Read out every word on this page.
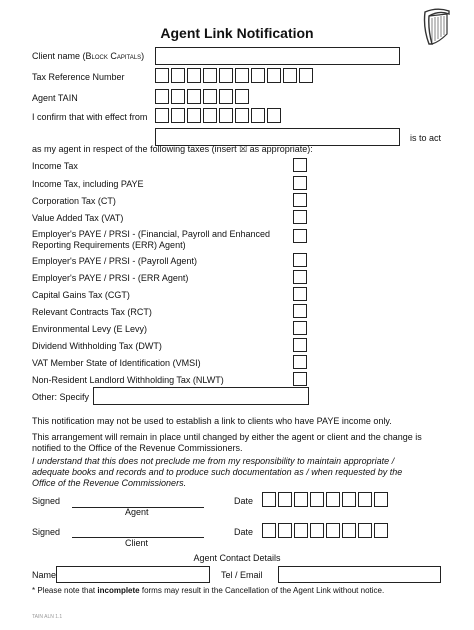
Agent Link Notification
Client name (Block Capitals)
Tax Reference Number
Agent TAIN
I confirm that with effect from
is to act
as my agent in respect of the following taxes (insert ☒ as appropriate):
Income Tax
Income Tax, including PAYE
Corporation Tax (CT)
Value Added Tax (VAT)
Employer's PAYE / PRSI - (Financial, Payroll and Enhanced Reporting Requirements (ERR) Agent)
Employer's PAYE / PRSI - (Payroll Agent)
Employer's PAYE / PRSI - (ERR Agent)
Capital Gains Tax (CGT)
Relevant Contracts Tax (RCT)
Environmental Levy (E Levy)
Dividend Withholding Tax (DWT)
VAT Member State of Identification (VMSI)
Non-Resident Landlord Withholding Tax (NLWT)
Other: Specify
This notification may not be used to establish a link to clients who have PAYE income only.
This arrangement will remain in place until changed by either the agent or client and the change is notified to the Office of the Revenue Commissioners.
I understand that this does not preclude me from my responsibility to maintain appropriate / adequate books and records and to produce such documentation as / when requested by the Office of the Revenue Commissioners.
Signed
Agent
Date
Signed
Client
Date
Agent Contact Details
Name	Tel / Email
* Please note that incomplete forms may result in the Cancellation of the Agent Link without notice.
TAIN ALN 1.1
